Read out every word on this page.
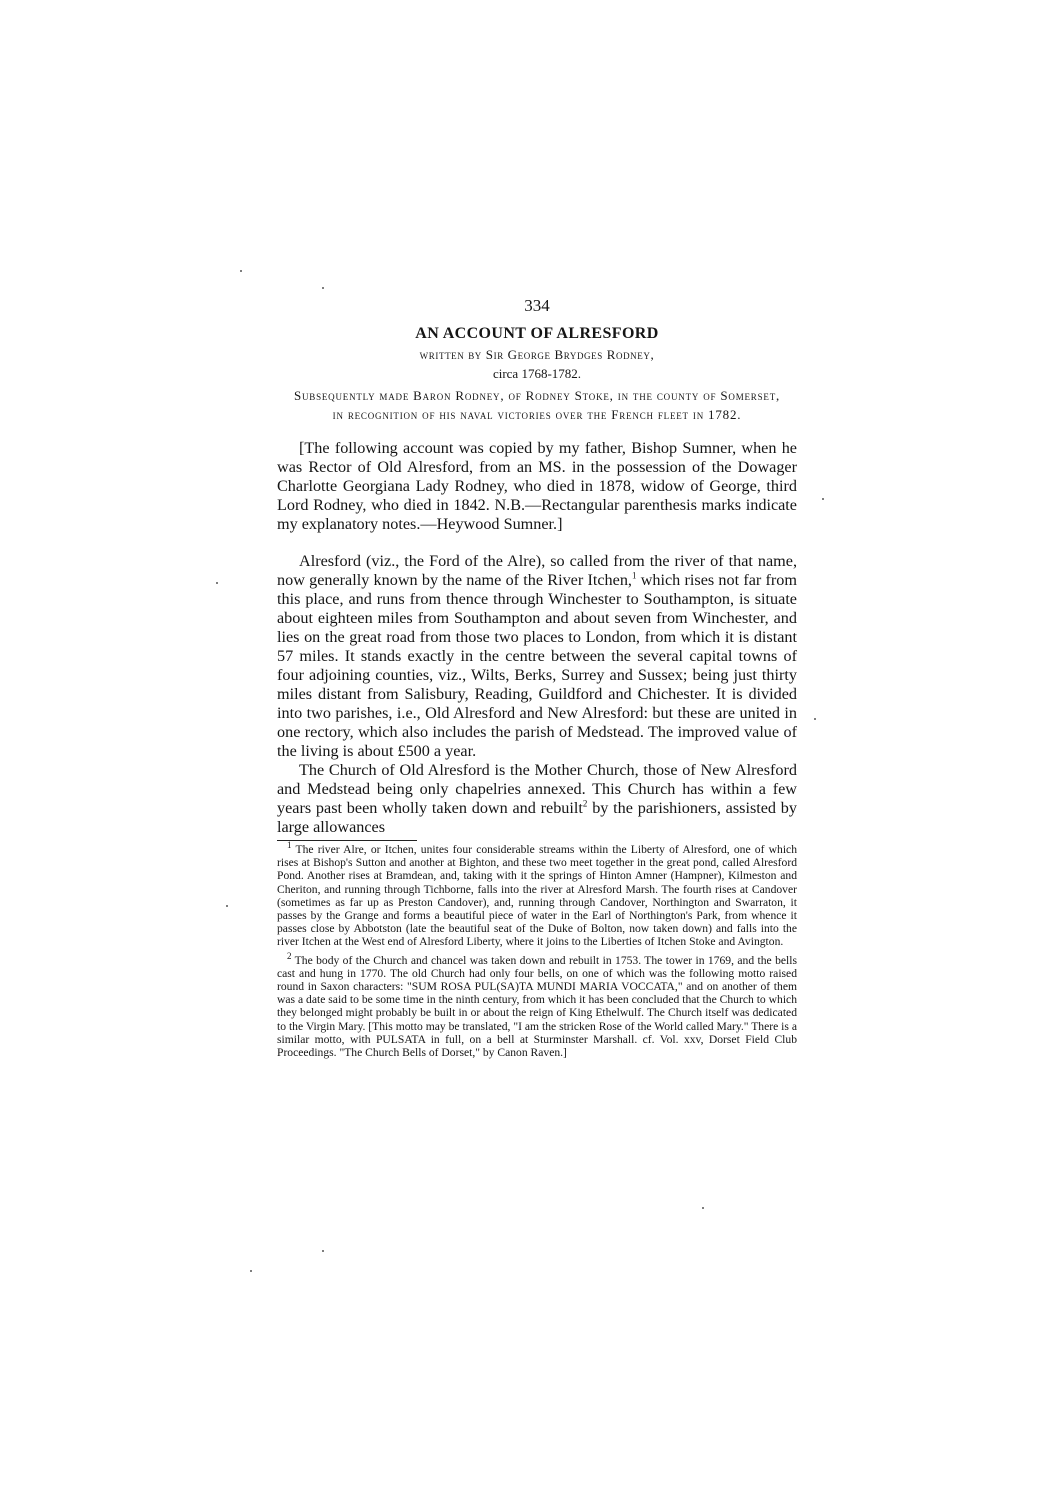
334
AN ACCOUNT OF ALRESFORD
written by Sir George Brydges Rodney,
circa 1768-1782.
Subsequently made Baron Rodney, of Rodney Stoke, in the county of Somerset, in recognition of his naval victories over the French fleet in 1782.

[The following account was copied by my father, Bishop Sumner, when he was Rector of Old Alresford, from an MS. in the possession of the Dowager Charlotte Georgiana Lady Rodney, who died in 1878, widow of George, third Lord Rodney, who died in 1842. N.B.—Rectangular parenthesis marks indicate my explanatory notes.—Heywood Sumner.]

Alresford (viz., the Ford of the Alre), so called from the river of that name, now generally known by the name of the River Itchen,$^1$ which rises not far from this place, and runs from thence through Winchester to Southampton, is situate about eighteen miles from Southampton and about seven from Winchester, and lies on the great road from those two places to London, from which it is distant 57 miles. It stands exactly in the centre between the several capital towns of four adjoining counties, viz., Wilts, Berks, Surrey and Sussex; being just thirty miles distant from Salisbury, Reading, Guildford and Chichester. It is divided into two parishes, i.e., Old Alresford and New Alresford: but these are united in one rectory, which also includes the parish of Medstead. The improved value of the living is about £500 a year.

The Church of Old Alresford is the Mother Church, those of New Alresford and Medstead being only chapelries annexed. This Church has within a few years past been wholly taken down and rebuilt$^2$ by the parishioners, assisted by large allowances

$^1$ The river Alre, or Itchen, unites four considerable streams within the Liberty of Alresford, one of which rises at Bishop's Sutton and another at Bighton, and these two meet together in the great pond, called Alresford Pond. Another rises at Bramdean, and, taking with it the springs of Hinton Amner (Hampner), Kilmeston and Cheriton, and running through Tichborne, falls into the river at Alresford Marsh. The fourth rises at Candover (sometimes as far up as Preston Candover), and, running through Candover, Northington and Swarraton, it passes by the Grange and forms a beautiful piece of water in the Earl of Northington's Park, from whence it passes close by Abbotston (late the beautiful seat of the Duke of Bolton, now taken down) and falls into the river Itchen at the West end of Alresford Liberty, where it joins to the Liberties of Itchen Stoke and Avington.

$^2$ The body of the Church and chancel was taken down and rebuilt in 1753. The tower in 1769, and the bells cast and hung in 1770. The old Church had only four bells, on one of which was the following motto raised round in Saxon characters: "SUM ROSA PUL(SA)TA MUNDI MARIA VOCCATA," and on another of them was a date said to be some time in the ninth century, from which it has been concluded that the Church to which they belonged might probably be built in or about the reign of King Ethelwulf. The Church itself was dedicated to the Virgin Mary. [This motto may be translated, "I am the stricken Rose of the World called Mary." There is a similar motto, with PULSATA in full, on a bell at Sturminster Marshall. cf. Vol. xxv, Dorset Field Club Proceedings. "The Church Bells of Dorset," by Canon Raven.]
